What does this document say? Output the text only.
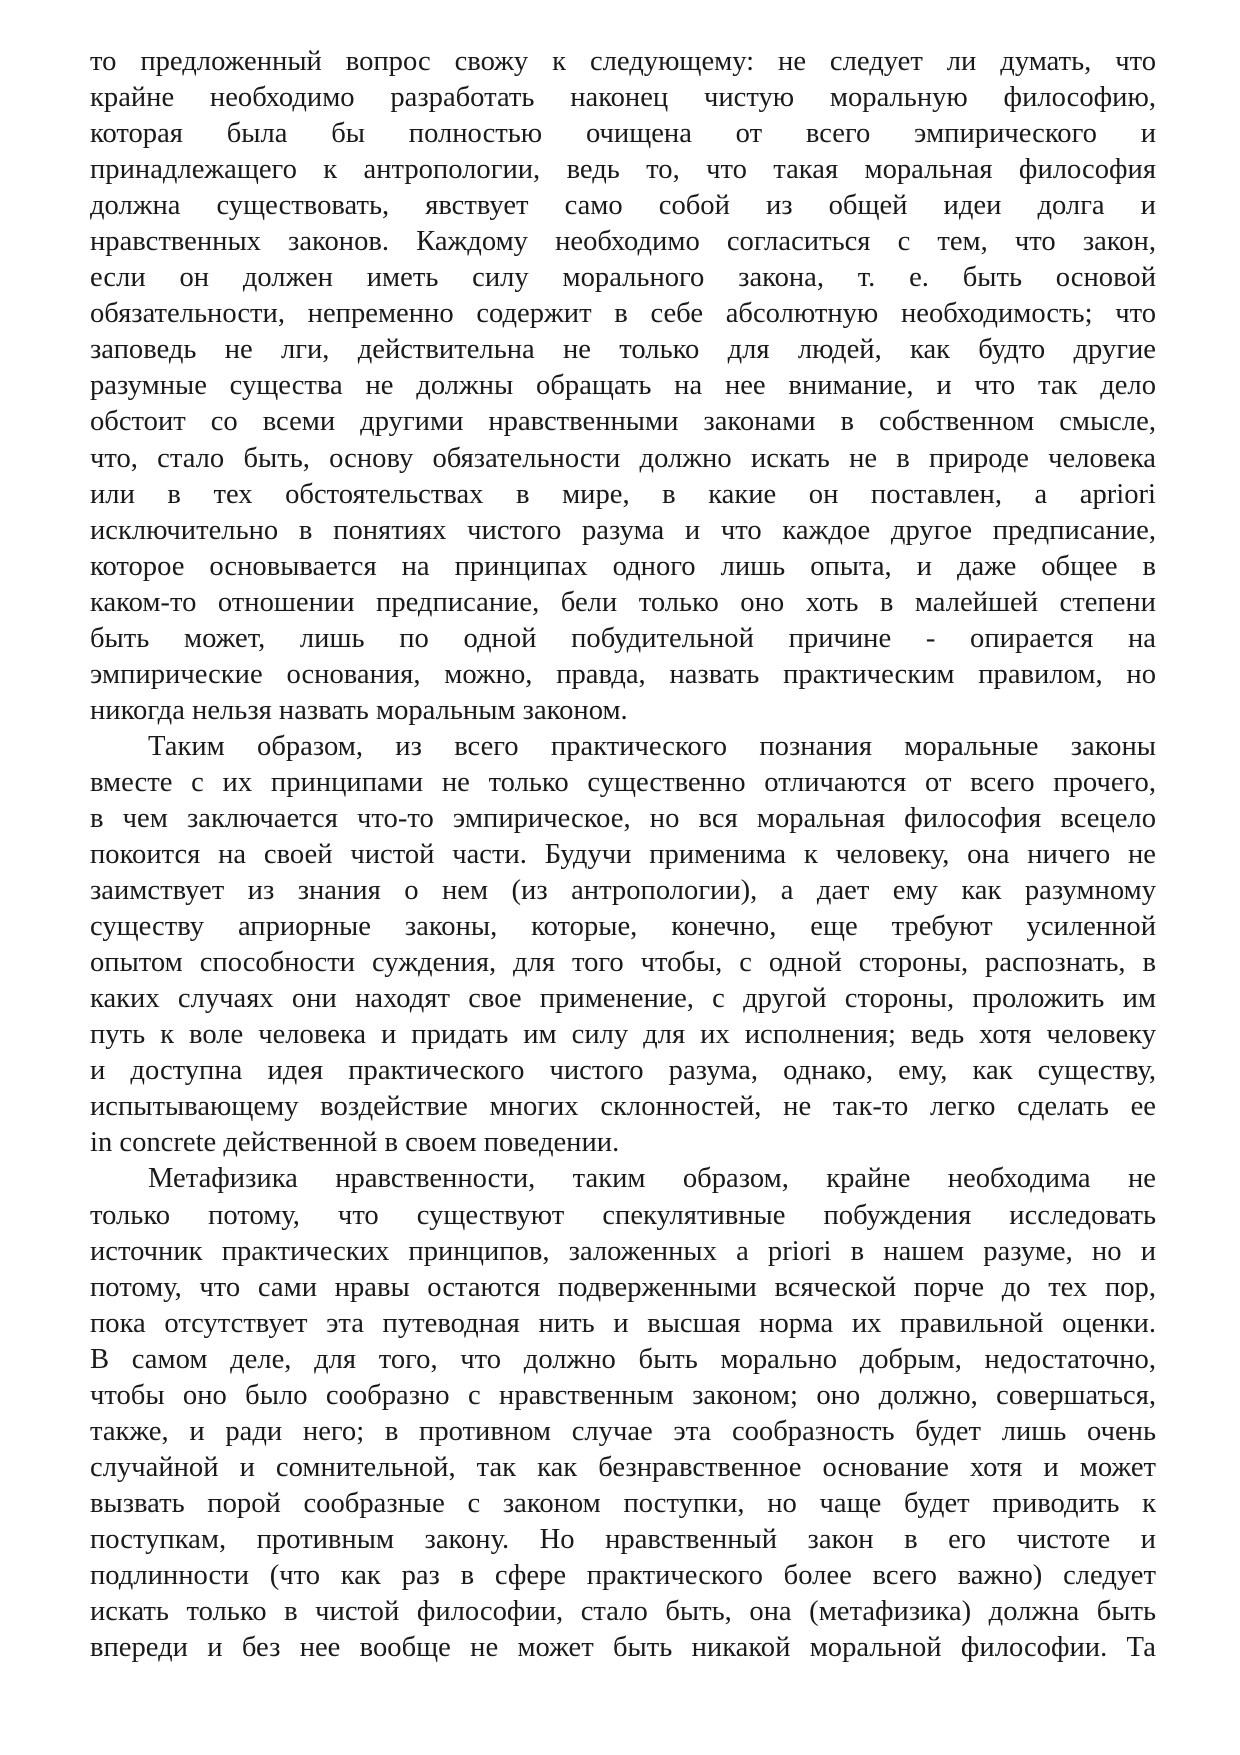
то предложенный вопрос свожу к следующему: не следует ли думать, что
крайне необходимо разработать наконец чистую моральную философию,
которая была бы полностью очищена от всего эмпирического и
принадлежащего к антропологии, ведь то, что такая моральная философия
должна существовать, явствует само собой из общей идеи долга и
нравственных законов. Каждому необходимо согласиться с тем, что закон,
если он должен иметь силу морального закона, т. е. быть основой
обязательности, непременно содержит в себе абсолютную необходимость; что
заповедь не лги, действительна не только для людей, как будто другие
разумные существа не должны обращать на нее внимание, и что так дело
обстоит со всеми другими нравственными законами в собственном смысле,
что, стало быть, основу обязательности должно искать не в природе человека
или в тех обстоятельствах в мире, в какие он поставлен, а apriori
исключительно в понятиях чистого разума и что каждое другое предписание,
которое основывается на принципах одного лишь опыта, и даже общее в
каком-то отношении предписание, бели только оно хоть в малейшей степени
быть может, лишь по одной побудительной причине - опирается на
эмпирические основания, можно, правда, назвать практическим правилом, но
никогда нельзя назвать моральным законом.
Таким образом, из всего практического познания моральные законы
вместе с их принципами не только существенно отличаются от всего прочего,
в чем заключается что-то эмпирическое, но вся моральная философия всецело
покоится на своей чистой части. Будучи применима к человеку, она ничего не
заимствует из знания о нем (из антропологии), а дает ему как разумному
существу априорные законы, которые, конечно, еще требуют усиленной
опытом способности суждения, для того чтобы, с одной стороны, распознать, в
каких случаях они находят свое применение, с другой стороны, проложить им
путь к воле человека и придать им силу для их исполнения; ведь хотя человеку
и доступна идея практического чистого разума, однако, ему, как существу,
испытывающему воздействие многих склонностей, не так-то легко сделать ее
in concrete действенной в своем поведении.
Метафизика нравственности, таким образом, крайне необходима не
только потому, что существуют спекулятивные побуждения исследовать
источник практических принципов, заложенных a priori в нашем разуме, но и
потому, что сами нравы остаются подверженными всяческой порче до тех пор,
пока отсутствует эта путеводная нить и высшая норма их правильной оценки.
В самом деле, для того, что должно быть морально добрым, недостаточно,
чтобы оно было сообразно с нравственным законом; оно должно, совершаться,
также, и ради него; в противном случае эта сообразность будет лишь очень
случайной и сомнительной, так как безнравственное основание хотя и может
вызвать порой сообразные с законом поступки, но чаще будет приводить к
поступкам, противным закону. Но нравственный закон в его чистоте и
подлинности (что как раз в сфере практического более всего важно) следует
искать только в чистой философии, стало быть, она (метафизика) должна быть
впереди и без нее вообще не может быть никакой моральной философии. Та
